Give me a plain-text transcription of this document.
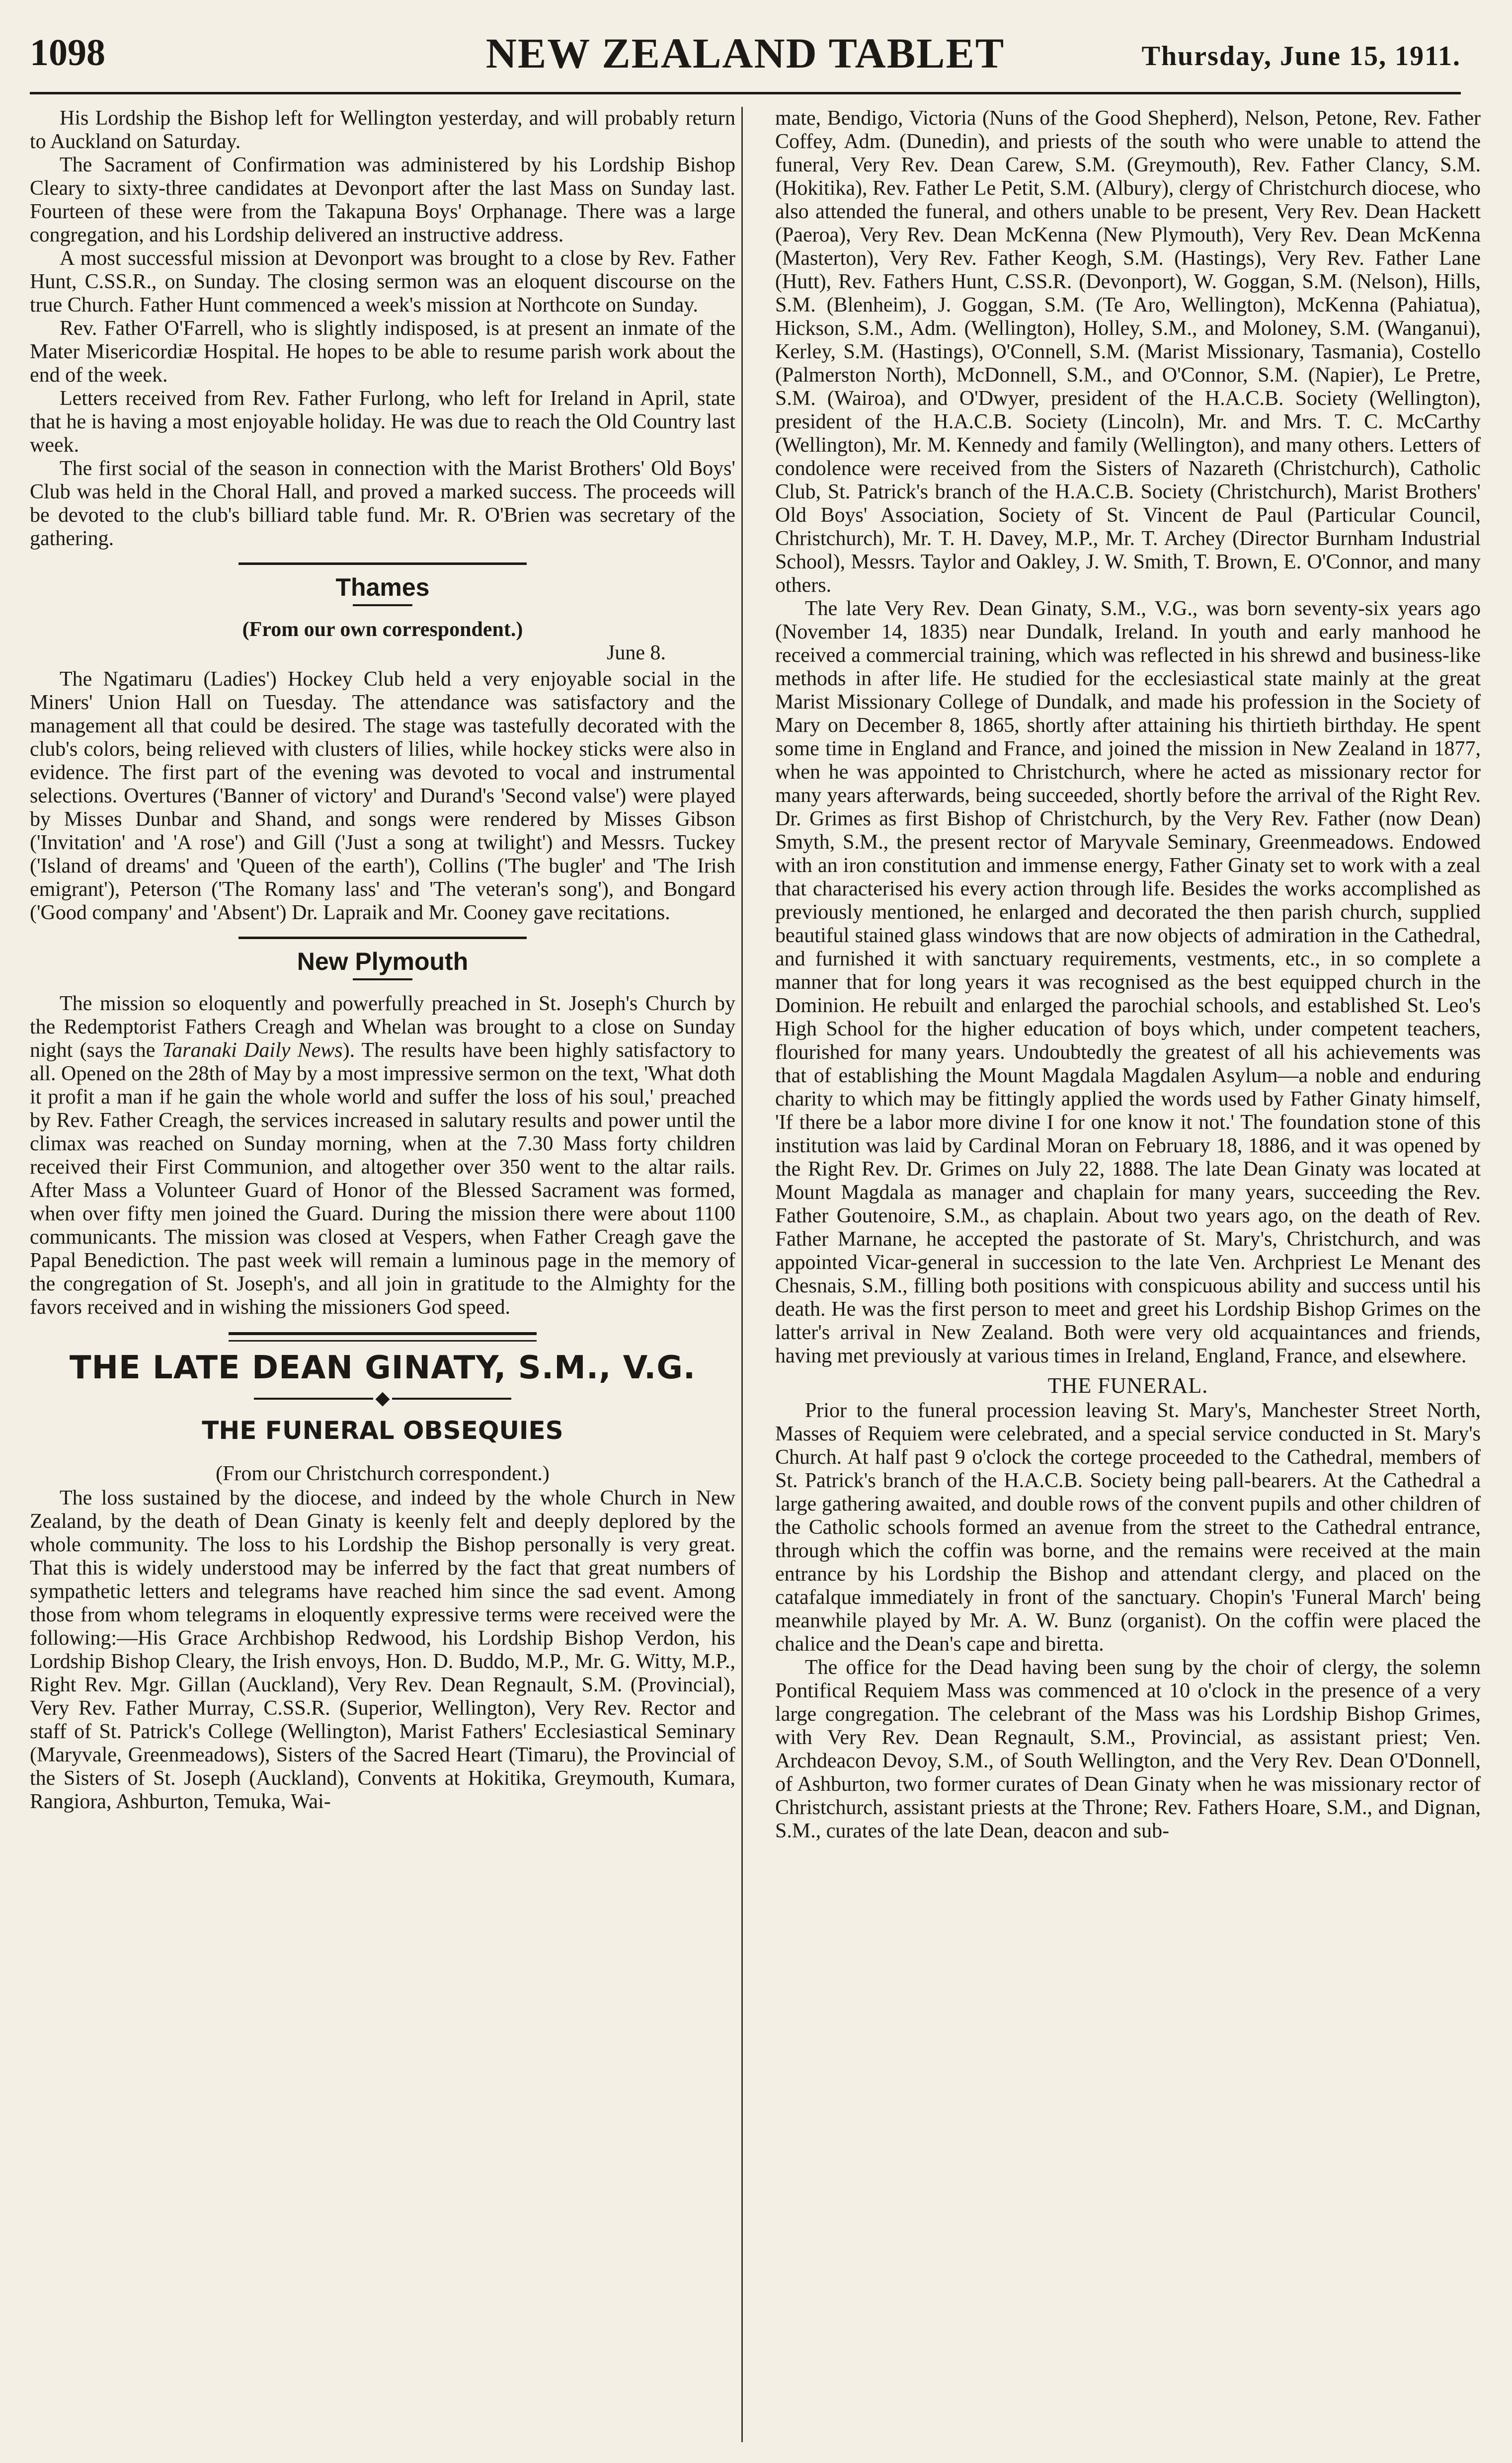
1098	NEW ZEALAND TABLET	Thursday, June 15, 1911.

His Lordship the Bishop left for Wellington yesterday, and will probably return to Auckland on Saturday.

The Sacrament of Confirmation was administered by his Lordship Bishop Cleary to sixty-three candidates at Devonport after the last Mass on Sunday last. Fourteen of these were from the Takapuna Boys' Orphanage. There was a large congregation, and his Lordship delivered an instructive address.

A most successful mission at Devonport was brought to a close by Rev. Father Hunt, C.SS.R., on Sunday. The closing sermon was an eloquent discourse on the true Church. Father Hunt commenced a week's mission at Northcote on Sunday.

Rev. Father O'Farrell, who is slightly indisposed, is at present an inmate of the Mater Misericordiæ Hospital. He hopes to be able to resume parish work about the end of the week.

Letters received from Rev. Father Furlong, who left for Ireland in April, state that he is having a most enjoyable holiday. He was due to reach the Old Country last week.

The first social of the season in connection with the Marist Brothers' Old Boys' Club was held in the Choral Hall, and proved a marked success. The proceeds will be devoted to the club's billiard table fund. Mr. R. O'Brien was secretary of the gathering.

Thames
(From our own correspondent.)
June 8.

The Ngatimaru (Ladies') Hockey Club held a very enjoyable social in the Miners' Union Hall on Tuesday. The attendance was satisfactory and the management all that could be desired. The stage was tastefully decorated with the club's colors, being relieved with clusters of lilies, while hockey sticks were also in evidence. The first part of the evening was devoted to vocal and instrumental selections. Overtures ('Banner of victory' and Durand's 'Second valse') were played by Misses Dunbar and Shand, and songs were rendered by Misses Gibson ('Invitation' and 'A rose') and Gill ('Just a song at twilight') and Messrs. Tuckey ('Island of dreams' and 'Queen of the earth'), Collins ('The bugler' and 'The Irish emigrant'), Peterson ('The Romany lass' and 'The veteran's song'), and Bongard ('Good company' and 'Absent') Dr. Lapraik and Mr. Cooney gave recitations.

New Plymouth

The mission so eloquently and powerfully preached in St. Joseph's Church by the Redemptorist Fathers Creagh and Whelan was brought to a close on Sunday night (says the Taranaki Daily News). The results have been highly satisfactory to all. Opened on the 28th of May by a most impressive sermon on the text, 'What doth it profit a man if he gain the whole world and suffer the loss of his soul,' preached by Rev. Father Creagh, the services increased in salutary results and power until the climax was reached on Sunday morning, when at the 7.30 Mass forty children received their First Communion, and altogether over 350 went to the altar rails. After Mass a Volunteer Guard of Honor of the Blessed Sacrament was formed, when over fifty men joined the Guard. During the mission there were about 1100 communicants. The mission was closed at Vespers, when Father Creagh gave the Papal Benediction. The past week will remain a luminous page in the memory of the congregation of St. Joseph's, and all join in gratitude to the Almighty for the favors received and in wishing the missioners God speed.

THE LATE DEAN GINATY, S.M., V.G.
◆
THE FUNERAL OBSEQUIES
(From our Christchurch correspondent.)

The loss sustained by the diocese, and indeed by the whole Church in New Zealand, by the death of Dean Ginaty is keenly felt and deeply deplored by the whole community. The loss to his Lordship the Bishop personally is very great. That this is widely understood may be inferred by the fact that great numbers of sympathetic letters and telegrams have reached him since the sad event. Among those from whom telegrams in eloquently expressive terms were received were the following:—His Grace Archbishop Redwood, his Lordship Bishop Verdon, his Lordship Bishop Cleary, the Irish envoys, Hon. D. Buddo, M.P., Mr. G. Witty, M.P., Right Rev. Mgr. Gillan (Auckland), Very Rev. Dean Regnault, S.M. (Provincial), Very Rev. Father Murray, C.SS.R. (Superior, Wellington), Very Rev. Rector and staff of St. Patrick's College (Wellington), Marist Fathers' Ecclesiastical Seminary (Maryvale, Greenmeadows), Sisters of the Sacred Heart (Timaru), the Provincial of the Sisters of St. Joseph (Auckland), Convents at Hokitika, Greymouth, Kumara, Rangiora, Ashburton, Temuka, Wai-

mate, Bendigo, Victoria (Nuns of the Good Shepherd), Nelson, Petone, Rev. Father Coffey, Adm. (Dunedin), and priests of the south who were unable to attend the funeral, Very Rev. Dean Carew, S.M. (Greymouth), Rev. Father Clancy, S.M. (Hokitika), Rev. Father Le Petit, S.M. (Albury), clergy of Christchurch diocese, who also attended the funeral, and others unable to be present, Very Rev. Dean Hackett (Paeroa), Very Rev. Dean McKenna (New Plymouth), Very Rev. Dean McKenna (Masterton), Very Rev. Father Keogh, S.M. (Hastings), Very Rev. Father Lane (Hutt), Rev. Fathers Hunt, C.SS.R. (Devonport), W. Goggan, S.M. (Nelson), Hills, S.M. (Blenheim), J. Goggan, S.M. (Te Aro, Wellington), McKenna (Pahiatua), Hickson, S.M., Adm. (Wellington), Holley, S.M., and Moloney, S.M. (Wanganui), Kerley, S.M. (Hastings), O'Connell, S.M. (Marist Missionary, Tasmania), Costello (Palmerston North), McDonnell, S.M., and O'Connor, S.M. (Napier), Le Pretre, S.M. (Wairoa), and O'Dwyer, president of the H.A.C.B. Society (Wellington), president of the H.A.C.B. Society (Lincoln), Mr. and Mrs. T. C. McCarthy (Wellington), Mr. M. Kennedy and family (Wellington), and many others. Letters of condolence were received from the Sisters of Nazareth (Christchurch), Catholic Club, St. Patrick's branch of the H.A.C.B. Society (Christchurch), Marist Brothers' Old Boys' Association, Society of St. Vincent de Paul (Particular Council, Christchurch), Mr. T. H. Davey, M.P., Mr. T. Archey (Director Burnham Industrial School), Messrs. Taylor and Oakley, J. W. Smith, T. Brown, E. O'Connor, and many others.

The late Very Rev. Dean Ginaty, S.M., V.G., was born seventy-six years ago (November 14, 1835) near Dundalk, Ireland. In youth and early manhood he received a commercial training, which was reflected in his shrewd and business-like methods in after life. He studied for the ecclesiastical state mainly at the great Marist Missionary College of Dundalk, and made his profession in the Society of Mary on December 8, 1865, shortly after attaining his thirtieth birthday. He spent some time in England and France, and joined the mission in New Zealand in 1877, when he was appointed to Christchurch, where he acted as missionary rector for many years afterwards, being succeeded, shortly before the arrival of the Right Rev. Dr. Grimes as first Bishop of Christchurch, by the Very Rev. Father (now Dean) Smyth, S.M., the present rector of Maryvale Seminary, Greenmeadows. Endowed with an iron constitution and immense energy, Father Ginaty set to work with a zeal that characterised his every action through life. Besides the works accomplished as previously mentioned, he enlarged and decorated the then parish church, supplied beautiful stained glass windows that are now objects of admiration in the Cathedral, and furnished it with sanctuary requirements, vestments, etc., in so complete a manner that for long years it was recognised as the best equipped church in the Dominion. He rebuilt and enlarged the parochial schools, and established St. Leo's High School for the higher education of boys which, under competent teachers, flourished for many years. Undoubtedly the greatest of all his achievements was that of establishing the Mount Magdala Magdalen Asylum—a noble and enduring charity to which may be fittingly applied the words used by Father Ginaty himself, 'If there be a labor more divine I for one know it not.' The foundation stone of this institution was laid by Cardinal Moran on February 18, 1886, and it was opened by the Right Rev. Dr. Grimes on July 22, 1888. The late Dean Ginaty was located at Mount Magdala as manager and chaplain for many years, succeeding the Rev. Father Goutenoire, S.M., as chaplain. About two years ago, on the death of Rev. Father Marnane, he accepted the pastorate of St. Mary's, Christchurch, and was appointed Vicar-general in succession to the late Ven. Archpriest Le Menant des Chesnais, S.M., filling both positions with conspicuous ability and success until his death. He was the first person to meet and greet his Lordship Bishop Grimes on the latter's arrival in New Zealand. Both were very old acquaintances and friends, having met previously at various times in Ireland, England, France, and elsewhere.

THE FUNERAL.

Prior to the funeral procession leaving St. Mary's, Manchester Street North, Masses of Requiem were celebrated, and a special service conducted in St. Mary's Church. At half past 9 o'clock the cortege proceeded to the Cathedral, members of St. Patrick's branch of the H.A.C.B. Society being pall-bearers. At the Cathedral a large gathering awaited, and double rows of the convent pupils and other children of the Catholic schools formed an avenue from the street to the Cathedral entrance, through which the coffin was borne, and the remains were received at the main entrance by his Lordship the Bishop and attendant clergy, and placed on the catafalque immediately in front of the sanctuary. Chopin's 'Funeral March' being meanwhile played by Mr. A. W. Bunz (organist). On the coffin were placed the chalice and the Dean's cape and biretta.

The office for the Dead having been sung by the choir of clergy, the solemn Pontifical Requiem Mass was commenced at 10 o'clock in the presence of a very large congregation. The celebrant of the Mass was his Lordship Bishop Grimes, with Very Rev. Dean Regnault, S.M., Provincial, as assistant priest; Ven. Archdeacon Devoy, S.M., of South Wellington, and the Very Rev. Dean O'Donnell, of Ashburton, two former curates of Dean Ginaty when he was missionary rector of Christchurch, assistant priests at the Throne; Rev. Fathers Hoare, S.M., and Dignan, S.M., curates of the late Dean, deacon and sub-
